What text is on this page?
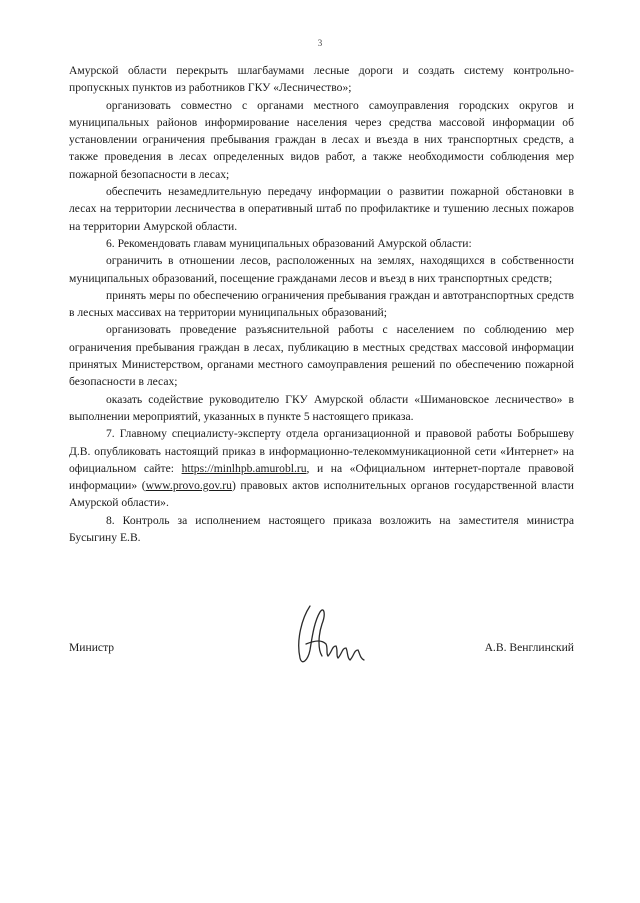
3

Амурской области перекрыть шлагбаумами лесные дороги и создать систему контрольно-пропускных пунктов из работников ГКУ «Лесничество»;

организовать совместно с органами местного самоуправления городских округов и муниципальных районов информирование населения через средства массовой информации об установлении ограничения пребывания граждан в лесах и въезда в них транспортных средств, а также проведения в лесах определенных видов работ, а также необходимости соблюдения мер пожарной безопасности в лесах;

обеспечить незамедлительную передачу информации о развитии пожарной обстановки в лесах на территории лесничества в оперативный штаб по профилактике и тушению лесных пожаров на территории Амурской области.

6. Рекомендовать главам муниципальных образований Амурской области:

ограничить в отношении лесов, расположенных на землях, находящихся в собственности муниципальных образований, посещение гражданами лесов и въезд в них транспортных средств;

принять меры по обеспечению ограничения пребывания граждан и автотранспортных средств в лесных массивах на территории муниципальных образований;

организовать проведение разъяснительной работы с населением по соблюдению мер ограничения пребывания граждан в лесах, публикацию в местных средствах массовой информации принятых Министерством, органами местного самоуправления решений по обеспечению пожарной безопасности в лесах;

оказать содействие руководителю ГКУ Амурской области «Шимановское лесничество» в выполнении мероприятий, указанных в пункте 5 настоящего приказа.

7. Главному специалисту-эксперту отдела организационной и правовой работы Бобрышеву Д.В. опубликовать настоящий приказ в информационно-телекоммуникационной сети «Интернет» на официальном сайте: https://minlhpb.amurobl.ru, и на «Официальном интернет-портале правовой информации» (www.provo.gov.ru) правовых актов исполнительных органов государственной власти Амурской области».

8. Контроль за исполнением настоящего приказа возложить на заместителя министра Бусыгину Е.В.

Министр	А.В. Венглинский
